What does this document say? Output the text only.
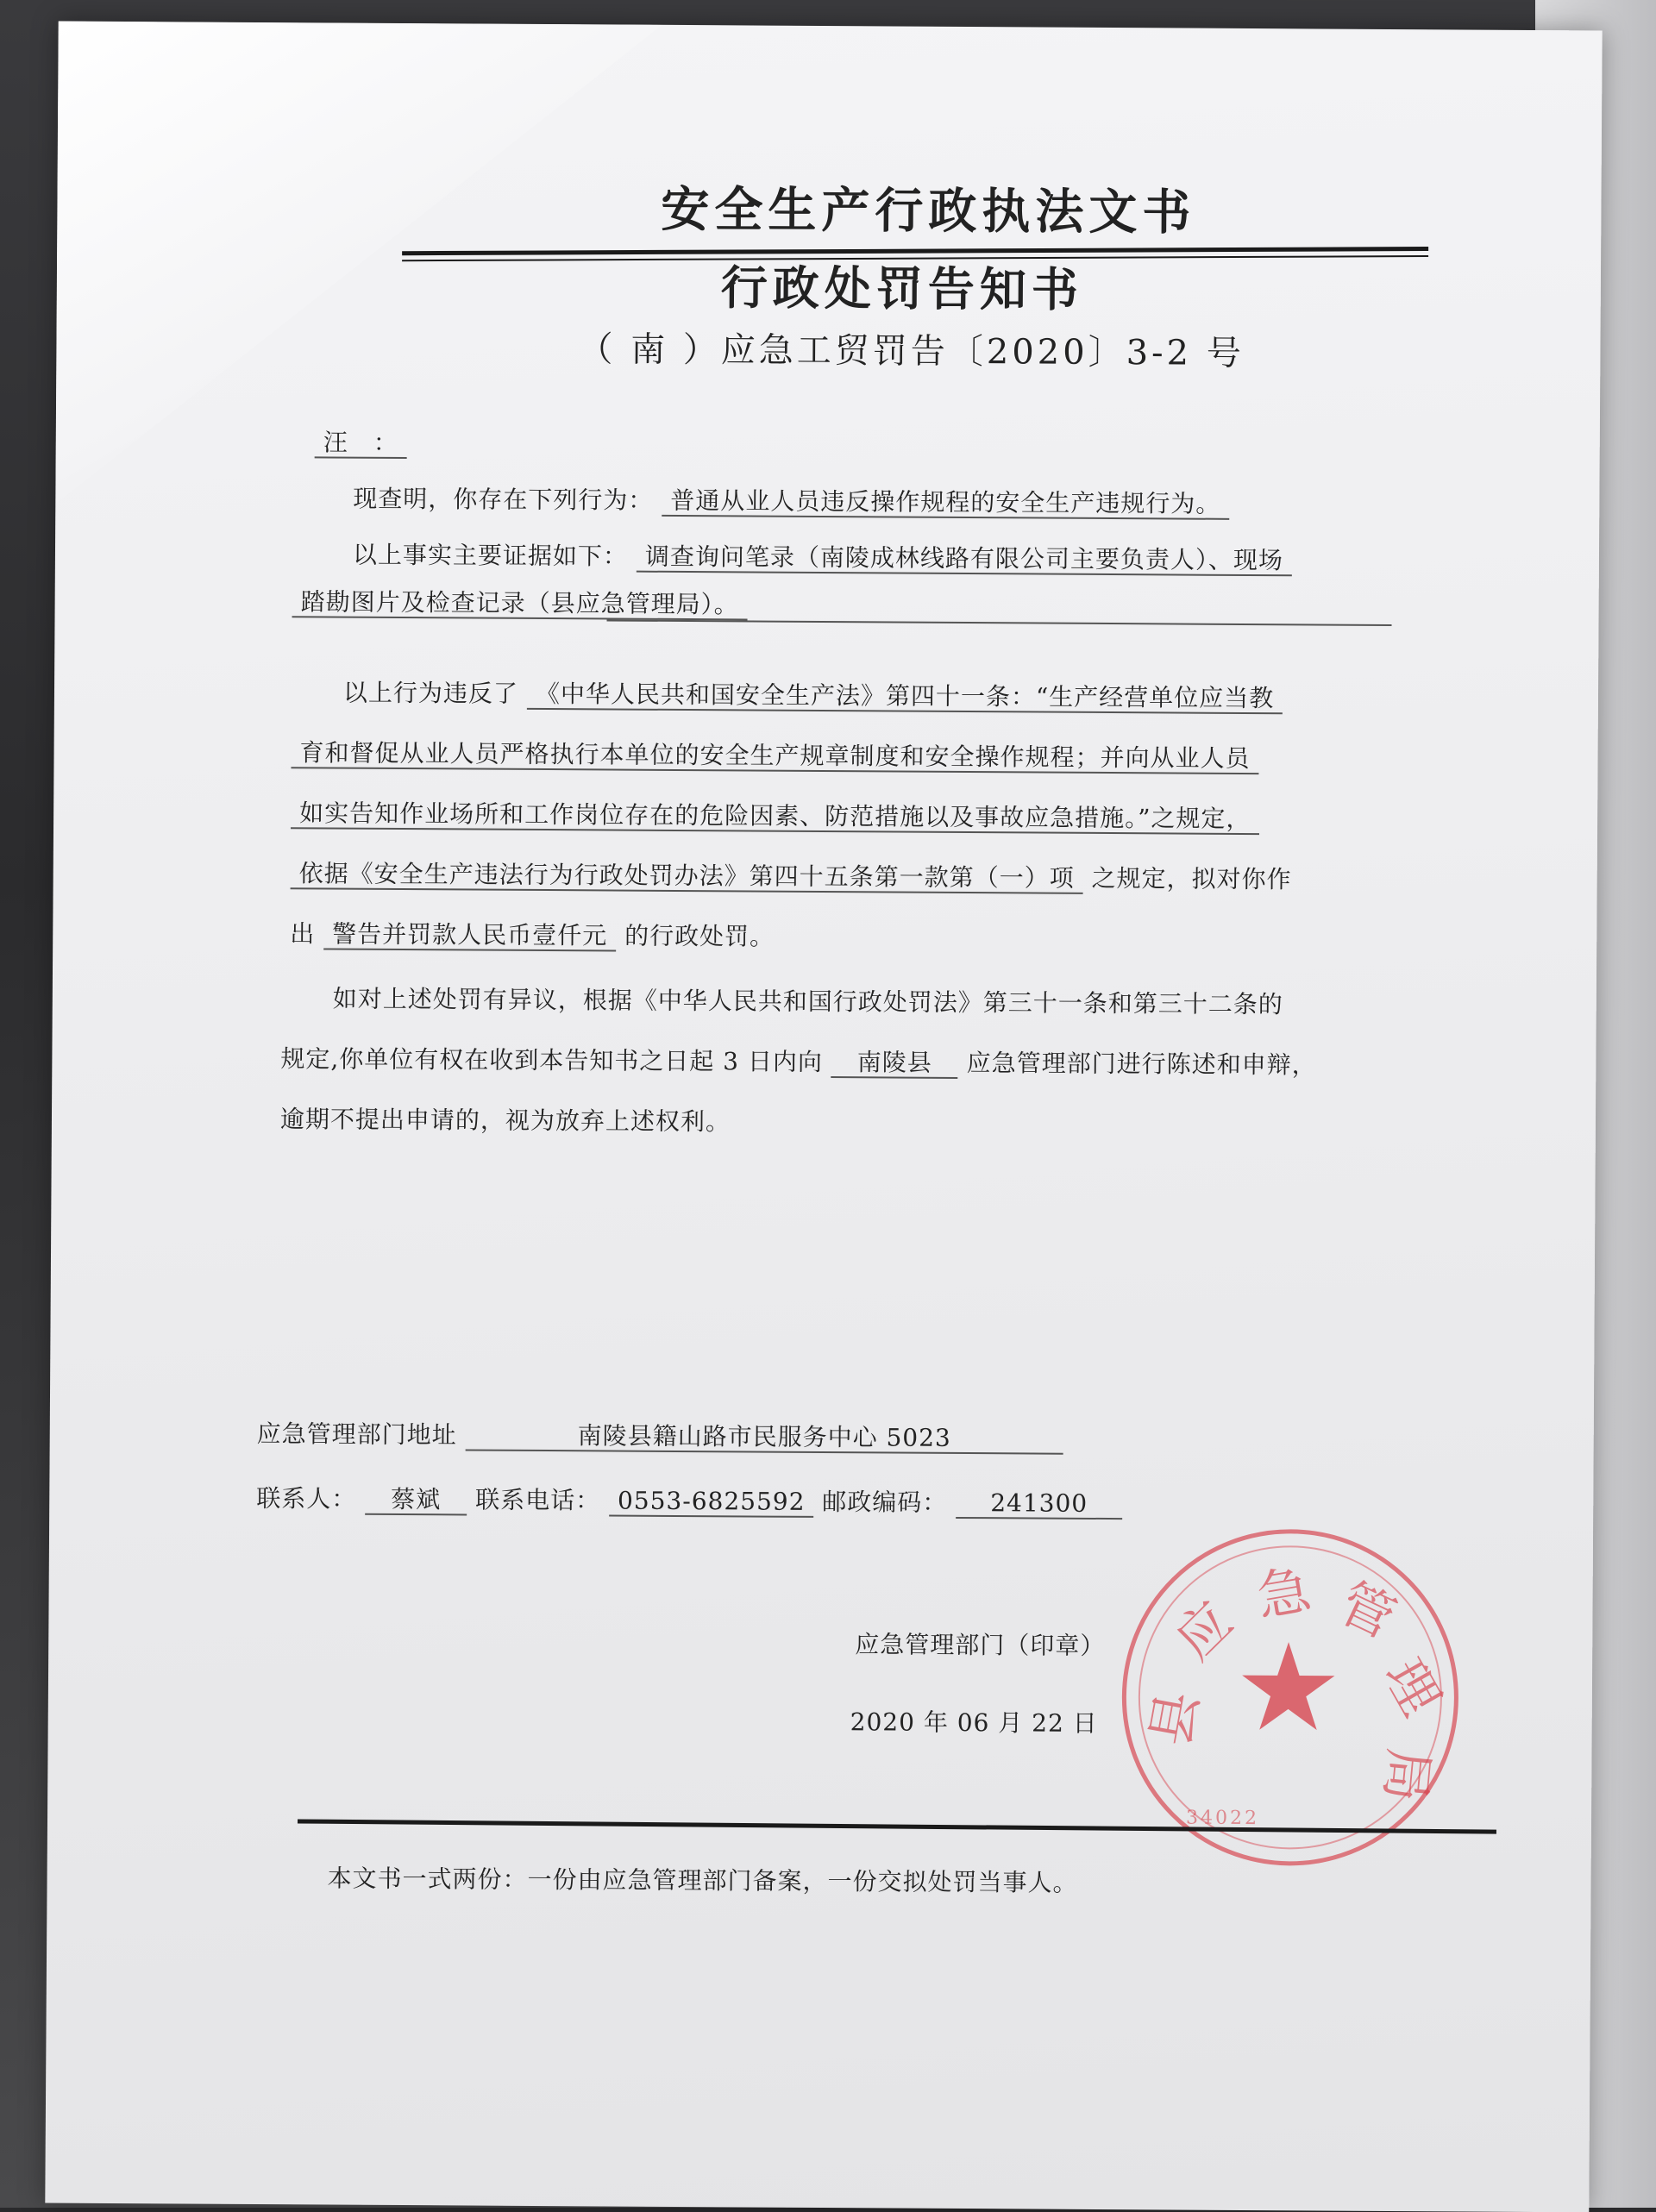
安全生产行政执法文书
行政处罚告知书
（ 南 ）应急工贸罚告〔2020〕3-2 号
汪　：
现查明，你存在下列行为： 普通从业人员违反操作规程的安全生产违规行为。
以上事实主要证据如下： 调查询问笔录（南陵成林线路有限公司主要负责人）、现场
踏勘图片及检查记录（县应急管理局）。
以上行为违反了 《中华人民共和国安全生产法》第四十一条：“生产经营单位应当教
育和督促从业人员严格执行本单位的安全生产规章制度和安全操作规程；并向从业人员
如实告知作业场所和工作岗位存在的危险因素、防范措施以及事故应急措施。”之规定，
依据《安全生产违法行为行政处罚办法》第四十五条第一款第（一）项 之规定，拟对你作
出 警告并罚款人民币壹仟元 的行政处罚。
如对上述处罚有异议，根据《中华人民共和国行政处罚法》第三十一条和第三十二条的
规定,你单位有权在收到本告知书之日起 3 日内向 南陵县 应急管理部门进行陈述和申辩，
逾期不提出申请的，视为放弃上述权利。
应急管理部门地址	南陵县籍山路市民服务中心 5023
联系人： 蔡斌 联系电话： 0553-6825592 邮政编码： 241300
应急管理部门（印章）
2020 年 06 月 22 日 ★
县
应 急 管
理
局
34022
本文书一式两份：一份由应急管理部门备案，一份交拟处罚当事人。
